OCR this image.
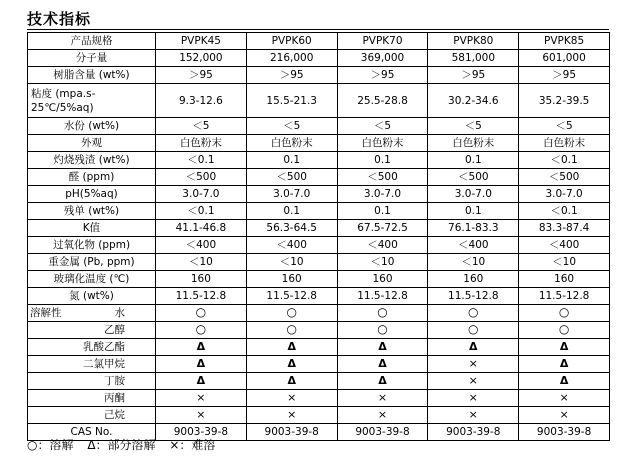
技术指标
产品规格	PVPK45	PVPK60	PVPK70	PVPK80	PVPK85
分子量	152,000	216,000	369,000	581,000	601,000
树脂含量 (wt%)	＞95	＞95	＞95	＞95	＞95
粘度 (mpa.s-25℃/5%aq)	9.3-12.6	15.5-21.3	25.5-28.8	30.2-34.6	35.2-39.5
水份 (wt%)	＜5	＜5	＜5	＜5	＜5
外观	白色粉末	白色粉末	白色粉末	白色粉末	白色粉末
灼烧残渣 (wt%)	＜0.1	0.1	0.1	0.1	＜0.1
醛 (ppm)	＜500	＜500	＜500	＜500	＜500
pH(5%aq)	3.0-7.0	3.0-7.0	3.0-7.0	3.0-7.0	3.0-7.0
残单 (wt%)	＜0.1	0.1	0.1	0.1	＜0.1
K值	41.1-46.8	56.3-64.5	67.5-72.5	76.1-83.3	83.3-87.4
过氧化物 (ppm)	＜400	＜400	＜400	＜400	＜400
重金属 (Pb, ppm)	＜10	＜10	＜10	＜10	＜10
玻璃化温度 (℃)	160	160	160	160	160
氮 (wt%)	11.5-12.8	11.5-12.8	11.5-12.8	11.5-12.8	11.5-12.8

溶解性 水	○	○	○	○	○

乙醇	○	○	○	○	○

乳酸乙酯	Δ	Δ	Δ	Δ	Δ

二氯甲烷	Δ	Δ	Δ	×	Δ

丁胺	Δ	Δ	Δ	×	Δ

丙酮	×	×	×	×	×

己烷	×	×	×	×	×
CAS No.	9003-39-8	9003-39-8	9003-39-8	9003-39-8	9003-39-8
○：溶解 Δ：部分溶解 ×：难溶
